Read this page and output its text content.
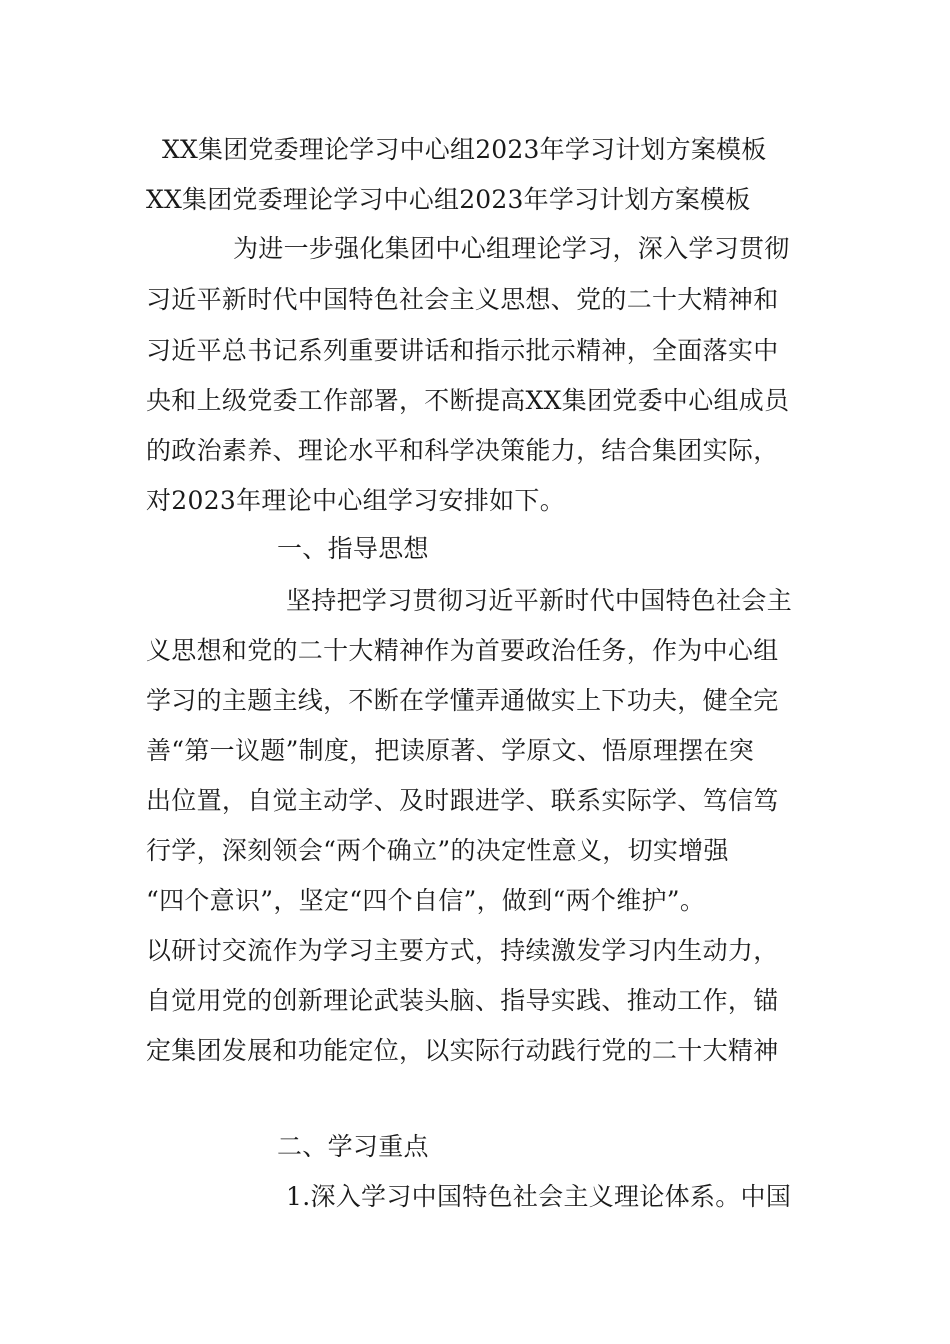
XX集团党委理论学习中心组2023年学习计划方案模板
XX集团党委理论学习中心组2023年学习计划方案模板
为进一步强化集团中心组理论学习，深入学习贯彻
习近平新时代中国特色社会主义思想、党的二十大精神和
习近平总书记系列重要讲话和指示批示精神，全面落实中
央和上级党委工作部署，不断提高XX集团党委中心组成员
的政治素养、理论水平和科学决策能力，结合集团实际，
对2023年理论中心组学习安排如下。
一、指导思想
坚持把学习贯彻习近平新时代中国特色社会主
义思想和党的二十大精神作为首要政治任务，作为中心组
学习的主题主线，不断在学懂弄通做实上下功夫，健全完
善“第一议题”制度，把读原著、学原文、悟原理摆在突
出位置，自觉主动学、及时跟进学、联系实际学、笃信笃
行学，深刻领会“两个确立”的决定性意义，切实增强
“四个意识”，坚定“四个自信”，做到“两个维护”。
以研讨交流作为学习主要方式，持续激发学习内生动力，
自觉用党的创新理论武装头脑、指导实践、推动工作，锚
定集团发展和功能定位，以实际行动践行党的二十大精神
二、学习重点
1.深入学习中国特色社会主义理论体系。中国
